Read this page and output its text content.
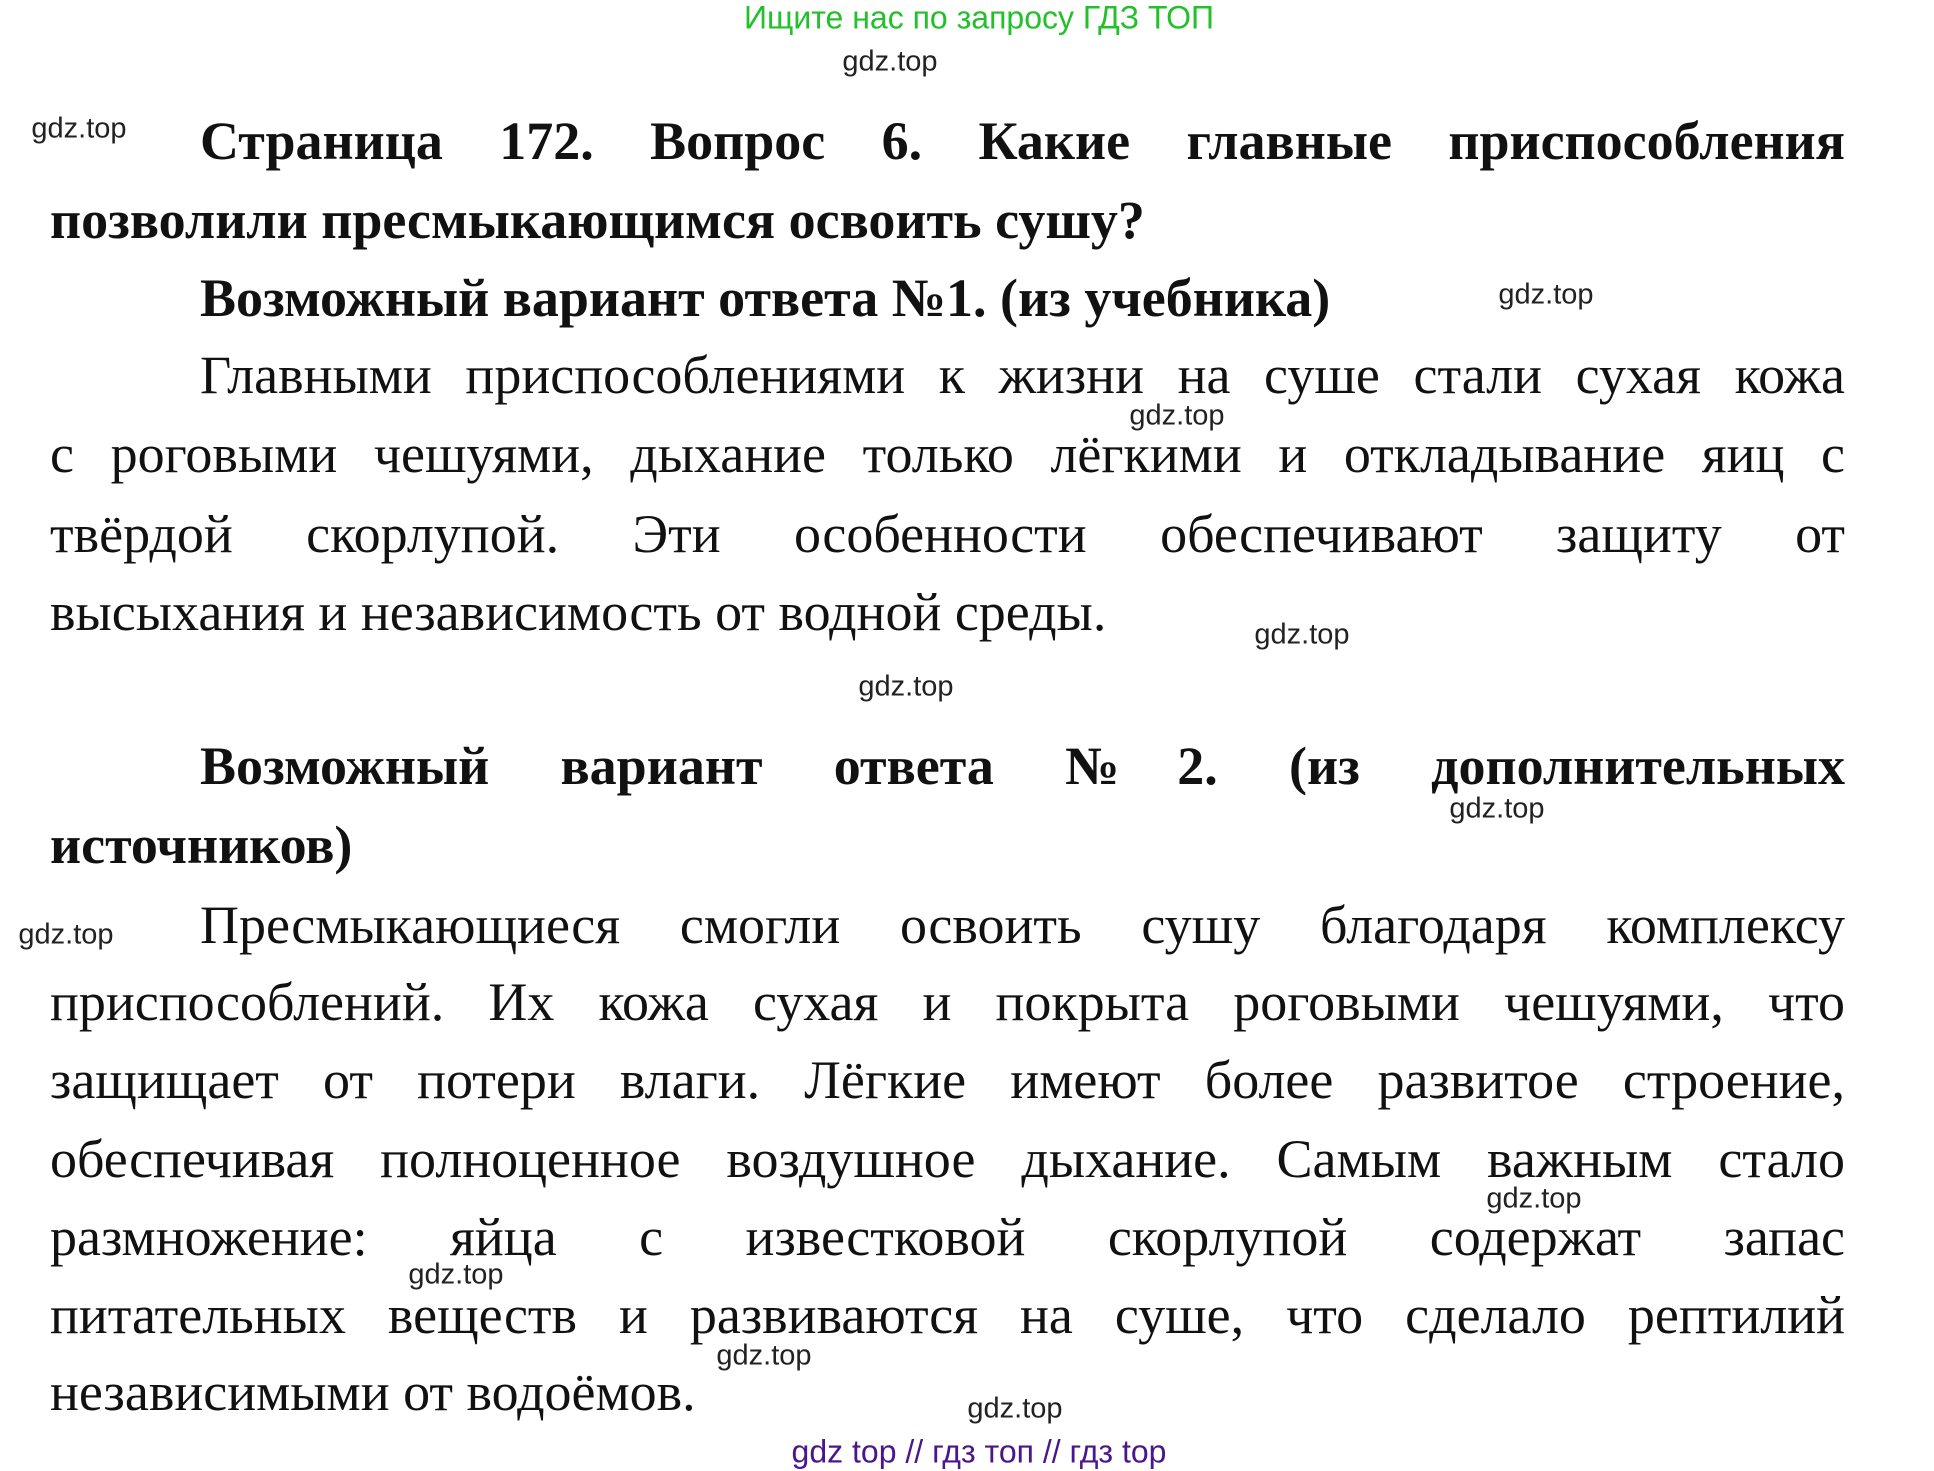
Ищите нас по запросу ГДЗ ТОП
Страница 172. Вопрос 6. Какие главные приспособления
позволили пресмыкающимся освоить сушу?
Возможный вариант ответа №1. (из учебника)
Главными приспособлениями к жизни на суше стали сухая кожа
с роговыми чешуями, дыхание только лёгкими и откладывание яиц с
твёрдой скорлупой. Эти особенности обеспечивают защиту от
высыхания и независимость от водной среды.
Возможный вариант ответа №2. (из дополнительных
источников)
Пресмыкающиеся смогли освоить сушу благодаря комплексу
приспособлений. Их кожа сухая и покрыта роговыми чешуями, что
защищает от потери влаги. Лёгкие имеют более развитое строение,
обеспечивая полноценное воздушное дыхание. Самым важным стало
размножение: яйца с известковой скорлупой содержат запас
питательных веществ и развиваются на суше, что сделало рептилий
независимыми от водоёмов.
gdz.top
gdz.top
gdz.top
gdz.top
gdz.top
gdz.top
gdz.top
gdz.top
gdz.top
gdz.top
gdz.top
gdz.top
gdz top // гдз топ // гдз top
